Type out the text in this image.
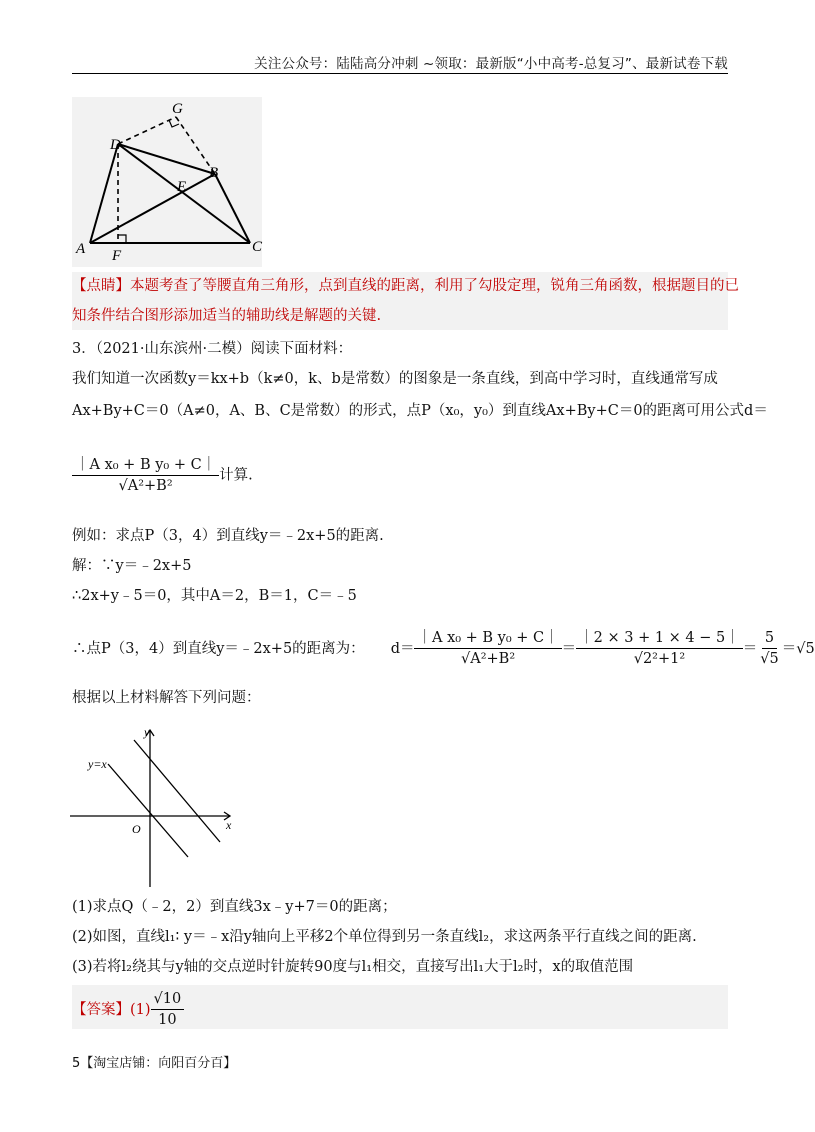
关注公众号：陆陆高分冲刺 ~领取：最新版“小中高考-总复习”、最新试卷下载
G
D
B
E
A F
C
【点睛】本题考查了等腰直角三角形，点到直线的距离，利用了勾股定理，锐角三角函数，根据题目的已
知条件结合图形添加适当的辅助线是解题的关键.
3．（2021·山东滨州·二模）阅读下面材料：
我们知道一次函数y＝kx+b（k≠0，k、b是常数）的图象是一条直线，到高中学习时，直线通常写成
Ax+By+C＝0（A≠0，A、B、C是常数）的形式，点P（x₀，y₀）到直线Ax+By+C＝0的距离可用公式d＝
$\frac{\text{｜A x₀ + B y₀ + C｜}}{\text{√A²+B²}}$ 计算.
例如：求点P（3，4）到直线y＝﹣2x+5的距离.
解：∵y＝﹣2x+5
∴2x+y﹣5＝0，其中A＝2，B＝1，C＝﹣5
∴点P（3，4）到直线y＝﹣2x+5的距离为： $d= \frac{\text{｜A x₀ + B y₀ + C｜}}{\text{√A²+B²}} = \frac{|2 \times 3 + 1 \times 4 - 5|}{\text{√2²+1²}} = \frac{5}{√5} =√5$
根据以上材料解答下列问题：
y
x
O
y=x
(1)求点Q（﹣2，2）到直线3x﹣y+7＝0的距离；
(2)如图，直线l₁∶ y＝﹣x沿y轴向上平移2个单位得到另一条直线l₂，求这两条平行直线之间的距离.
(3)若将l₂绕其与y轴的交点逆时针旋转90度与l₁相交，直接写出l₁大于l₂时，x的取值范围
【答案】 $(1) \frac{√10}{10}$
5【淘宝店铺：向阳百分百】
